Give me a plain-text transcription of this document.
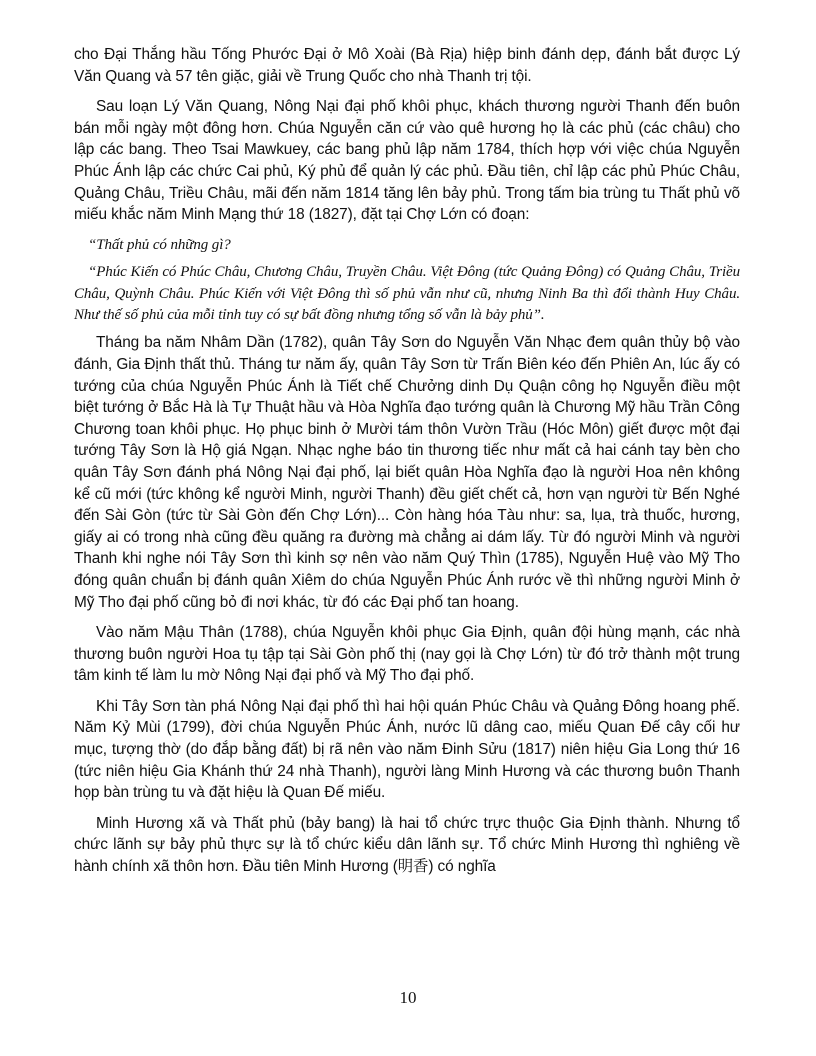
cho Đại Thắng hầu Tống Phước Đại ở Mô Xoài (Bà Rịa) hiệp binh đánh dẹp, đánh bắt được Lý Văn Quang và 57 tên giặc, giải về Trung Quốc cho nhà Thanh trị tội.

Sau loạn Lý Văn Quang, Nông Nại đại phố khôi phục, khách thương người Thanh đến buôn bán mỗi ngày một đông hơn. Chúa Nguyễn căn cứ vào quê hương họ là các phủ (các châu) cho lập các bang. Theo Tsai Mawkuey, các bang phủ lập năm 1784, thích hợp với việc chúa Nguyễn Phúc Ánh lập các chức Cai phủ, Ký phủ để quản lý các phủ. Đầu tiên, chỉ lập các phủ Phúc Châu, Quảng Châu, Triều Châu, mãi đến năm 1814 tăng lên bảy phủ. Trong tấm bia trùng tu Thất phủ võ miếu khắc năm Minh Mạng thứ 18 (1827), đặt tại Chợ Lớn có đoạn:

“Thất phủ có những gì?

“Phúc Kiến có Phúc Châu, Chương Châu, Truyền Châu. Việt Đông (tức Quảng Đông) có Quảng Châu, Triều Châu, Quỳnh Châu. Phúc Kiến với Việt Đông thì số phủ vẫn như cũ, nhưng Ninh Ba thì đổi thành Huy Châu. Như thế số phủ của mỗi tỉnh tuy có sự bất đồng nhưng tổng số vẫn là bảy phủ”.

Tháng ba năm Nhâm Dần (1782), quân Tây Sơn do Nguyễn Văn Nhạc đem quân thủy bộ vào đánh, Gia Định thất thủ. Tháng tư năm ấy, quân Tây Sơn từ Trấn Biên kéo đến Phiên An, lúc ấy có tướng của chúa Nguyễn Phúc Ánh là Tiết chế Chưởng dinh Dụ Quận công họ Nguyễn điều một biệt tướng ở Bắc Hà là Tự Thuật hầu và Hòa Nghĩa đạo tướng quân là Chương Mỹ hầu Trần Công Chương toan khôi phục. Họ phục binh ở Mười tám thôn Vườn Trầu (Hóc Môn) giết được một đại tướng Tây Sơn là Hộ giá Ngạn. Nhạc nghe báo tin thương tiếc như mất cả hai cánh tay bèn cho quân Tây Sơn đánh phá Nông Nại đại phố, lại biết quân Hòa Nghĩa đạo là người Hoa nên không kể cũ mới (tức không kể người Minh, người Thanh) đều giết chết cả, hơn vạn người từ Bến Nghé đến Sài Gòn (tức từ Sài Gòn đến Chợ Lớn)... Còn hàng hóa Tàu như: sa, lụa, trà thuốc, hương, giấy ai có trong nhà cũng đều quăng ra đường mà chẳng ai dám lấy. Từ đó người Minh và người Thanh khi nghe nói Tây Sơn thì kinh sợ nên vào năm Quý Thìn (1785), Nguyễn Huệ vào Mỹ Tho đóng quân chuẩn bị đánh quân Xiêm do chúa Nguyễn Phúc Ánh rước về thì những người Minh ở Mỹ Tho đại phố cũng bỏ đi nơi khác, từ đó các Đại phố tan hoang.

Vào năm Mậu Thân (1788), chúa Nguyễn khôi phục Gia Định, quân đội hùng mạnh, các nhà thương buôn người Hoa tụ tập tại Sài Gòn phố thị (nay gọi là Chợ Lớn) từ đó trở thành một trung tâm kinh tế làm lu mờ Nông Nại đại phố và Mỹ Tho đại phố.

Khi Tây Sơn tàn phá Nông Nại đại phố thì hai hội quán Phúc Châu và Quảng Đông hoang phế. Năm Kỷ Mùi (1799), đời chúa Nguyễn Phúc Ánh, nước lũ dâng cao, miếu Quan Đế cây cối hư mục, tượng thờ (do đắp bằng đất) bị rã nên vào năm Đinh Sửu (1817) niên hiệu Gia Long thứ 16 (tức niên hiệu Gia Khánh thứ 24 nhà Thanh), người làng Minh Hương và các thương buôn Thanh họp bàn trùng tu và đặt hiệu là Quan Đế miếu.

Minh Hương xã và Thất phủ (bảy bang) là hai tổ chức trực thuộc Gia Định thành. Nhưng tổ chức lãnh sự bảy phủ thực sự là tổ chức kiểu dân lãnh sự. Tổ chức Minh Hương thì nghiêng về hành chính xã thôn hơn. Đầu tiên Minh Hương (明香) có nghĩa

10
